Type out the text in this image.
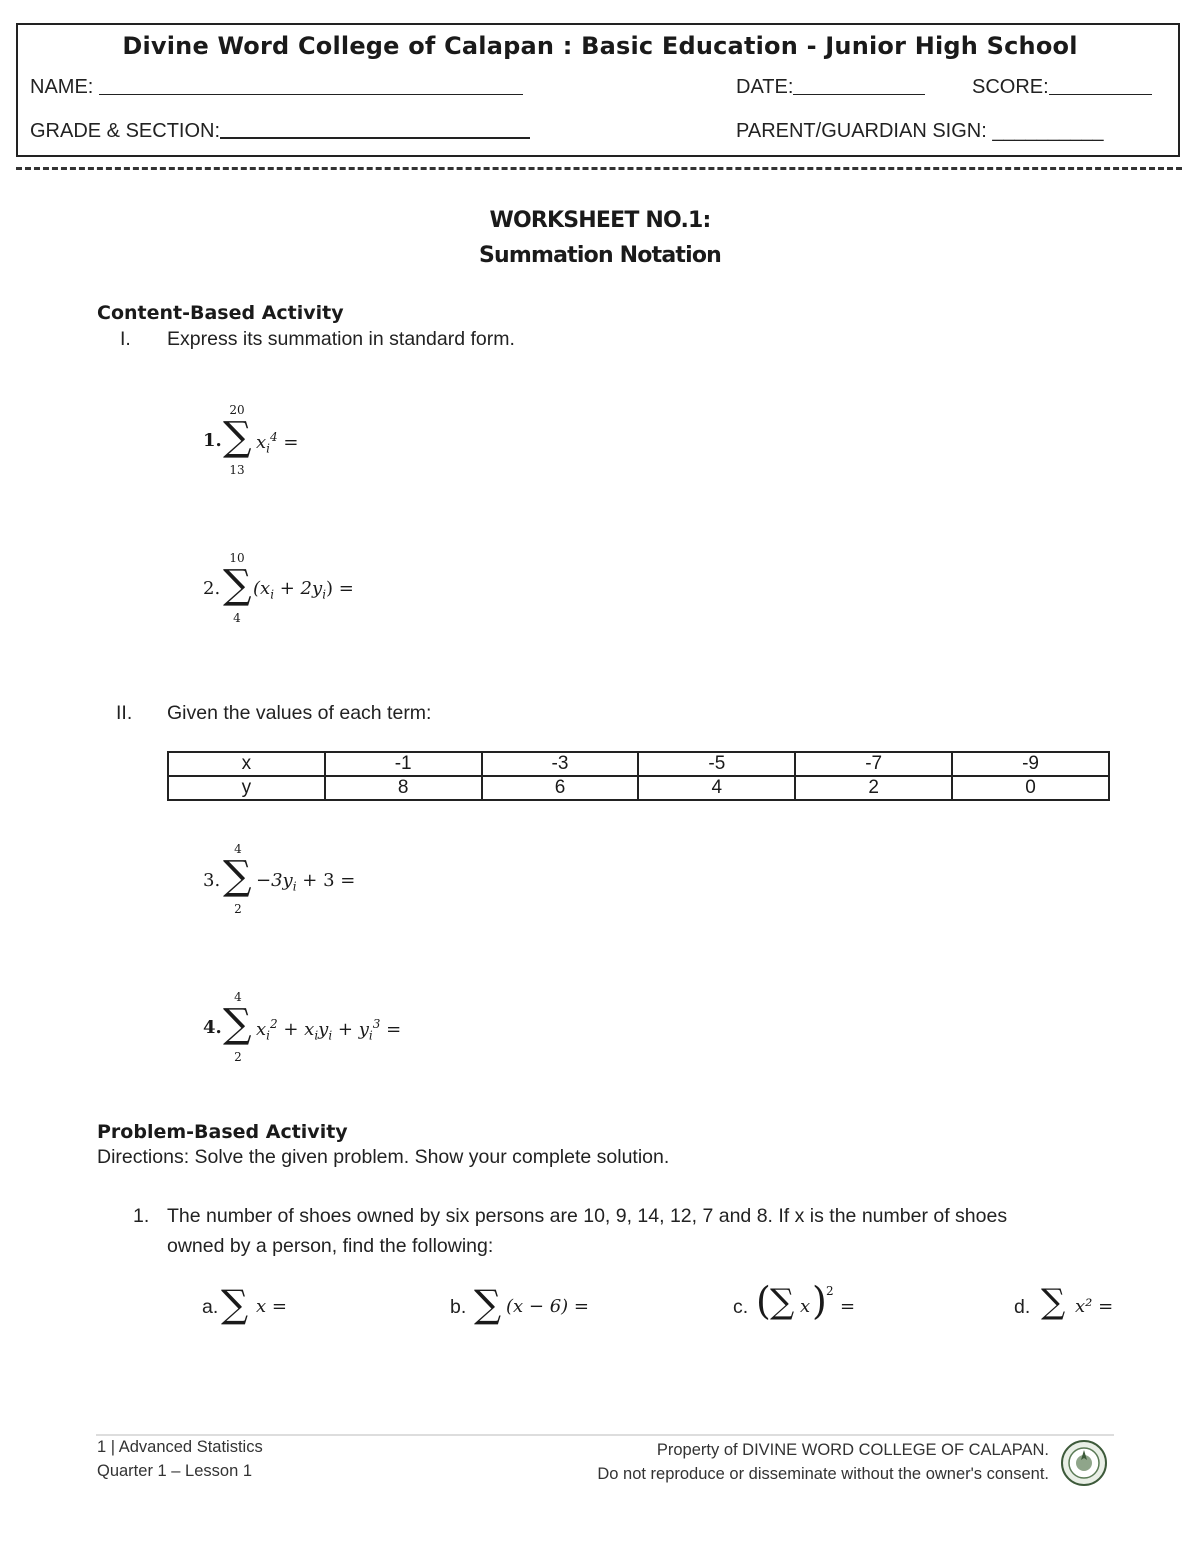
Divine Word College of Calapan : Basic Education - Junior High School
NAME:	DATE:	SCORE:
GRADE & SECTION:	PARENT/GUARDIAN SIGN: __________
WORKSHEET NO.1:
Summation Notation
Content-Based Activity
I. Express its summation in standard form.
1.
20
∑
13
$x_i^4$ =
2.
10
∑
4
$(x_i + 2y_i)$ =
II. Given the values of each term:
x	-1	-3	-5	-7	-9
y	8	6	4	2	0
3.
4
∑
2
$-3y_i + 3$ =
4.
4
∑
2
$x_i^2 + x_iy_i + y_i^3$ =
Problem-Based Activity
Directions: Solve the given problem. Show your complete solution.
1. The number of shoes owned by six persons are 10, 9, 14, 12, 7 and 8. If x is the number of shoes
owned by a person, find the following:
a. ∑ x =	b. ∑ (x − 6) =	c. ( ∑ x ) 2
=	d. ∑ x² =
1 | Advanced Statistics
Quarter 1 – Lesson 1
Property of DIVINE WORD COLLEGE OF CALAPAN.
Do not reproduce or disseminate without the owner's consent.
